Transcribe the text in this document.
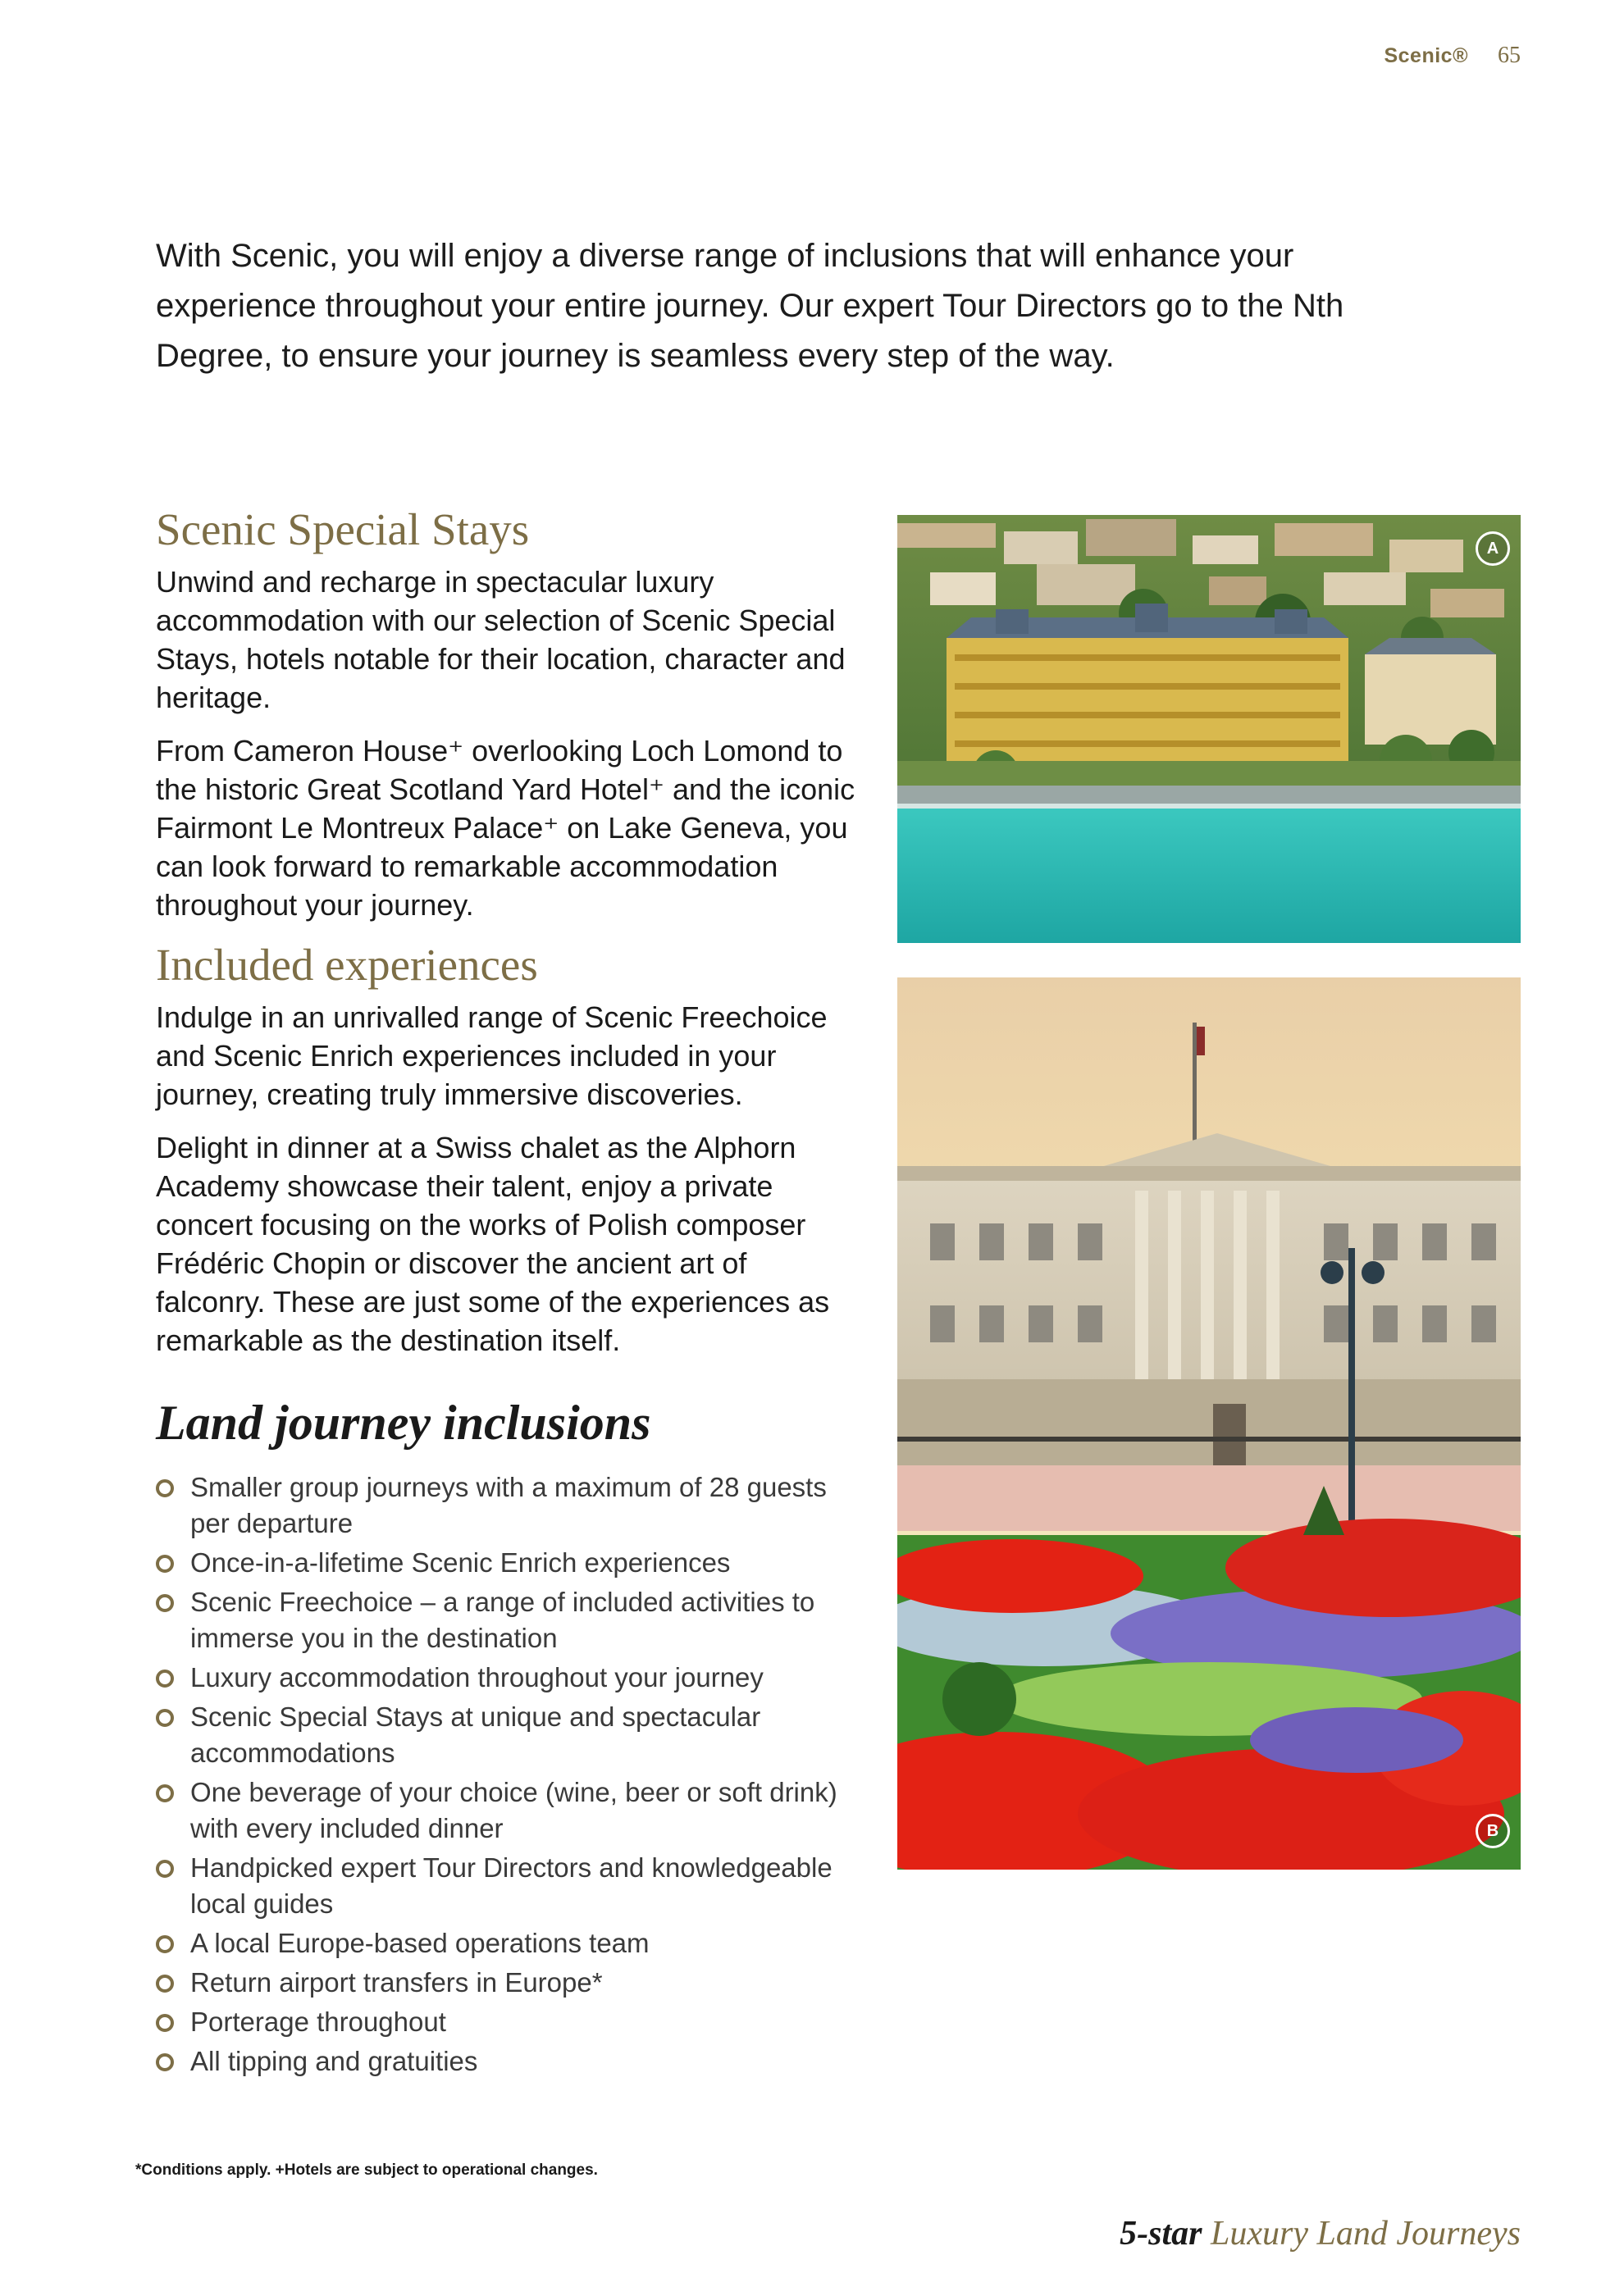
Scenic® 65

With Scenic, you will enjoy a diverse range of inclusions that will enhance your experience throughout your entire journey. Our expert Tour Directors go to the Nth Degree, to ensure your journey is seamless every step of the way.

Scenic Special Stays

Unwind and recharge in spectacular luxury accommodation with our selection of Scenic Special Stays, hotels notable for their location, character and heritage.

From Cameron House⁺ overlooking Loch Lomond to the historic Great Scotland Yard Hotel⁺ and the iconic Fairmont Le Montreux Palace⁺ on Lake Geneva, you can look forward to remarkable accommodation throughout your journey.

Included experiences

Indulge in an unrivalled range of Scenic Freechoice and Scenic Enrich experiences included in your journey, creating truly immersive discoveries.

Delight in dinner at a Swiss chalet as the Alphorn Academy showcase their talent, enjoy a private concert focusing on the works of Polish composer Frédéric Chopin or discover the ancient art of falconry. These are just some of the experiences as remarkable as the destination itself.

Land journey inclusions
Smaller group journeys with a maximum of 28 guests per departure
Once-in-a-lifetime Scenic Enrich experiences
Scenic Freechoice – a range of included activities to immerse you in the destination
Luxury accommodation throughout your journey
Scenic Special Stays at unique and spectacular accommodations
One beverage of your choice (wine, beer or soft drink) with every included dinner
Handpicked expert Tour Directors and knowledgeable local guides
A local Europe-based operations team
Return airport transfers in Europe*
Porterage throughout
All tipping and gratuities
A
B
*Conditions apply. +Hotels are subject to operational changes.
5-star Luxury Land Journeys
